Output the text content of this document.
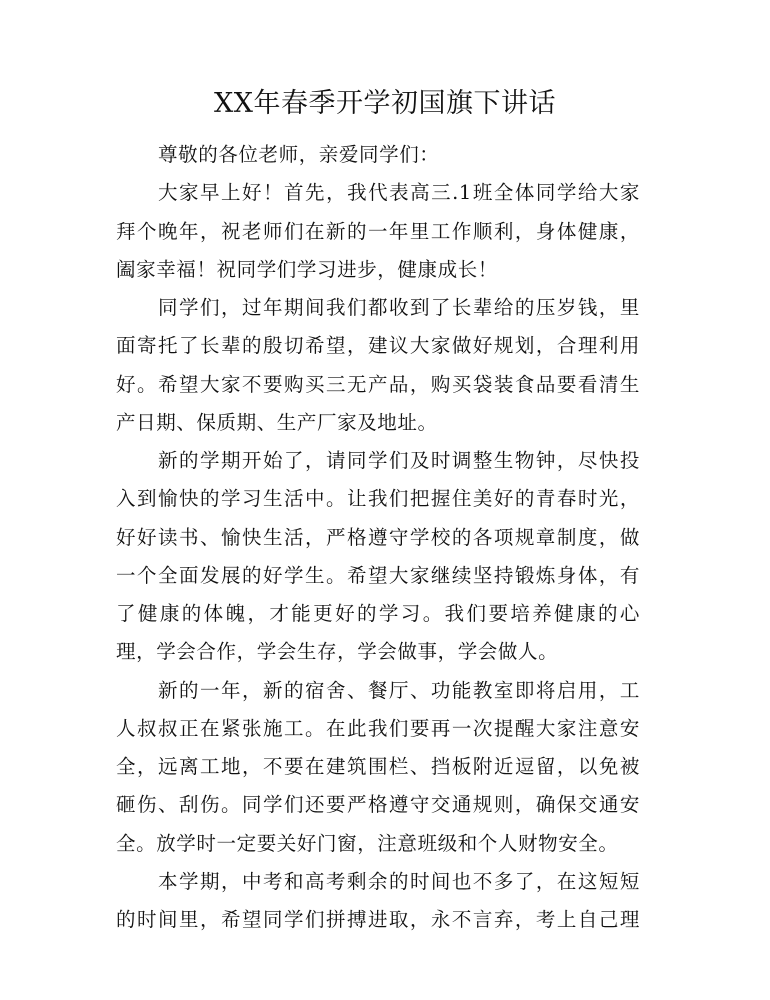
XX年春季开学初国旗下讲话
尊敬的各位老师，亲爱同学们：
大家早上好！首先，我代表高三.1班全体同学给大家
拜个晚年，祝老师们在新的一年里工作顺利，身体健康，
阖家幸福！祝同学们学习进步，健康成长！
同学们，过年期间我们都收到了长辈给的压岁钱，里
面寄托了长辈的殷切希望，建议大家做好规划，合理利用
好。希望大家不要购买三无产品，购买袋装食品要看清生
产日期、保质期、生产厂家及地址。
新的学期开始了，请同学们及时调整生物钟，尽快投
入到愉快的学习生活中。让我们把握住美好的青春时光，
好好读书、愉快生活，严格遵守学校的各项规章制度，做
一个全面发展的好学生。希望大家继续坚持锻炼身体，有
了健康的体魄，才能更好的学习。我们要培养健康的心
理，学会合作，学会生存，学会做事，学会做人。
新的一年，新的宿舍、餐厅、功能教室即将启用，工
人叔叔正在紧张施工。在此我们要再一次提醒大家注意安
全，远离工地，不要在建筑围栏、挡板附近逗留，以免被
砸伤、刮伤。同学们还要严格遵守交通规则，确保交通安
全。放学时一定要关好门窗，注意班级和个人财物安全。
本学期，中考和高考剩余的时间也不多了，在这短短
的时间里，希望同学们拼搏进取，永不言弃，考上自己理
